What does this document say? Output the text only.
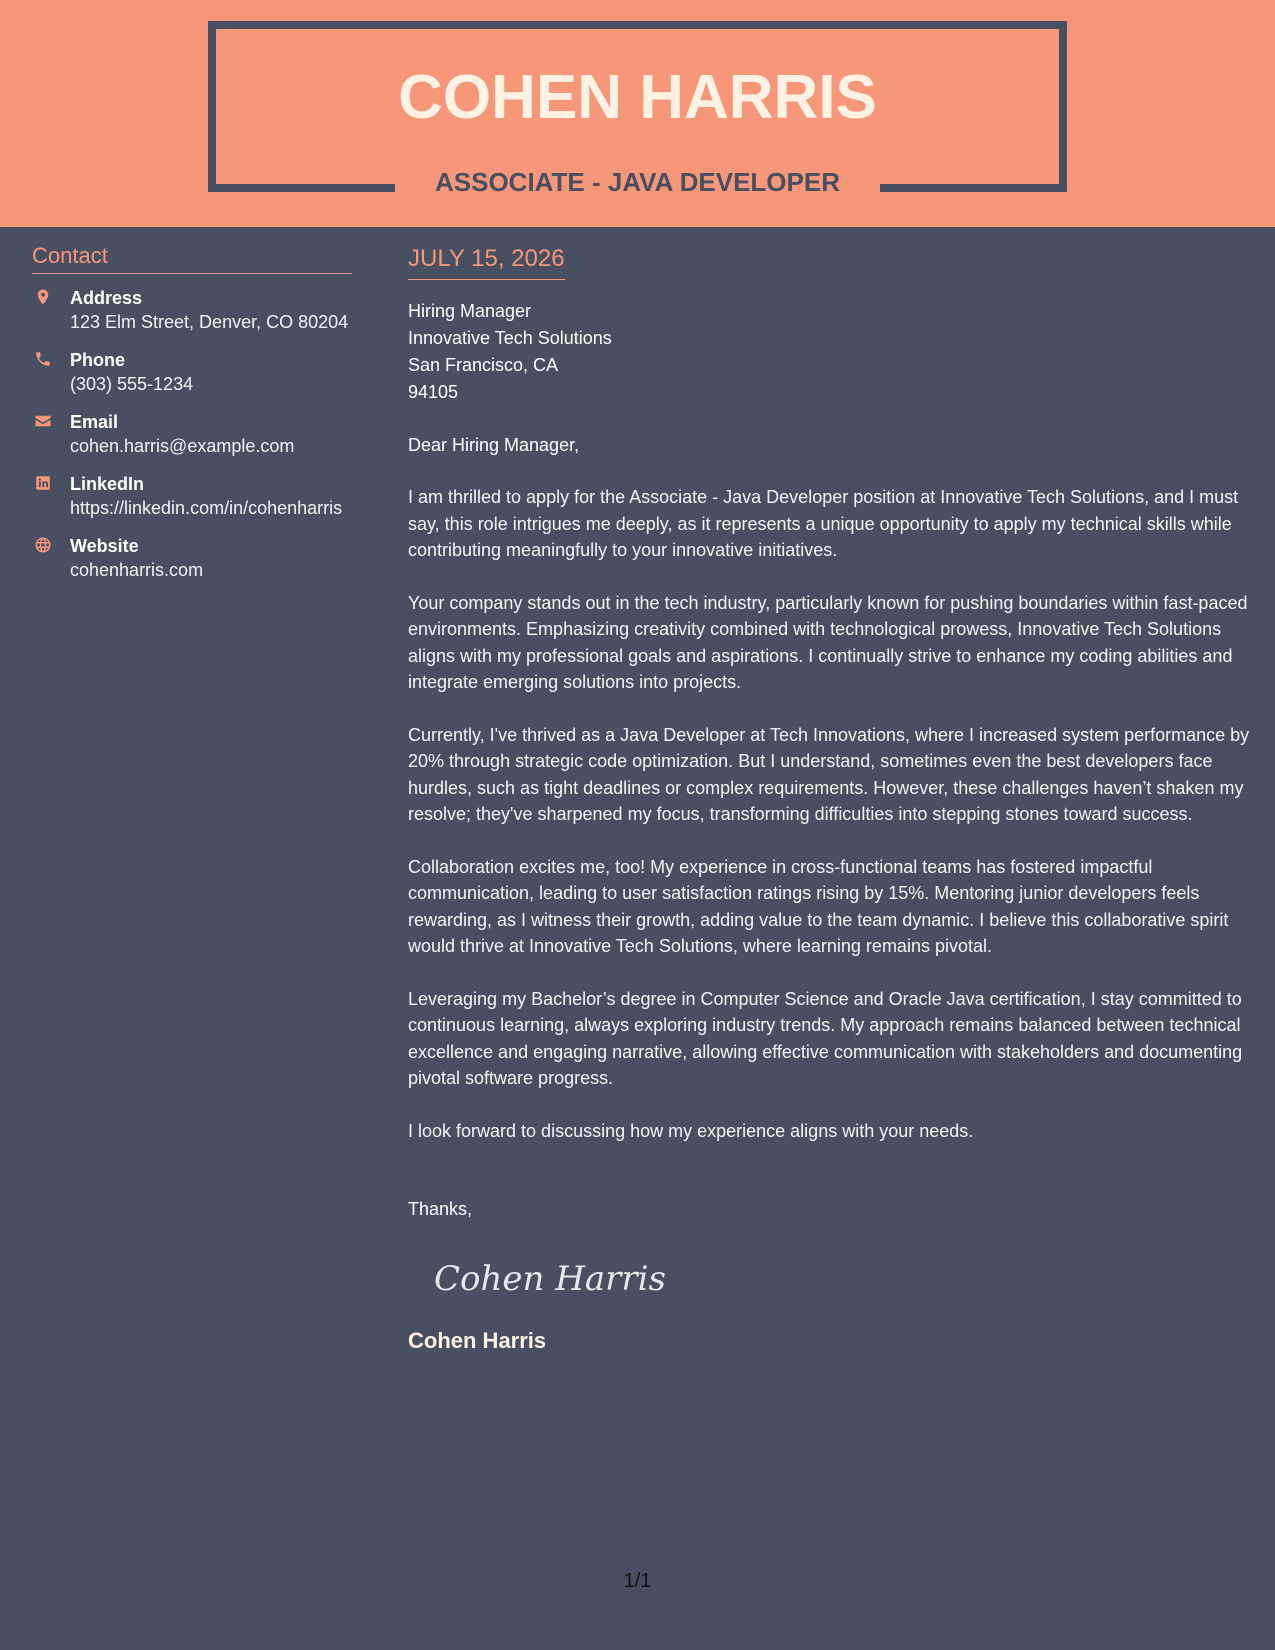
COHEN HARRIS
ASSOCIATE - JAVA DEVELOPER
Contact
Address
123 Elm Street, Denver, CO 80204
Phone
(303) 555-1234
Email
cohen.harris@example.com
LinkedIn
https://linkedin.com/in/cohenharris
Website
cohenharris.com
JULY 15, 2026
Hiring Manager
Innovative Tech Solutions
San Francisco, CA
94105
Dear Hiring Manager,

I am thrilled to apply for the Associate - Java Developer position at Innovative Tech Solutions, and I must say, this role intrigues me deeply, as it represents a unique opportunity to apply my technical skills while contributing meaningfully to your innovative initiatives.

Your company stands out in the tech industry, particularly known for pushing boundaries within fast-paced environments. Emphasizing creativity combined with technological prowess, Innovative Tech Solutions aligns with my professional goals and aspirations. I continually strive to enhance my coding abilities and integrate emerging solutions into projects.

Currently, I've thrived as a Java Developer at Tech Innovations, where I increased system performance by 20% through strategic code optimization. But I understand, sometimes even the best developers face hurdles, such as tight deadlines or complex requirements. However, these challenges haven’t shaken my resolve; they've sharpened my focus, transforming difficulties into stepping stones toward success.

Collaboration excites me, too! My experience in cross-functional teams has fostered impactful communication, leading to user satisfaction ratings rising by 15%. Mentoring junior developers feels rewarding, as I witness their growth, adding value to the team dynamic. I believe this collaborative spirit would thrive at Innovative Tech Solutions, where learning remains pivotal.

Leveraging my Bachelor’s degree in Computer Science and Oracle Java certification, I stay committed to continuous learning, always exploring industry trends. My approach remains balanced between technical excellence and engaging narrative, allowing effective communication with stakeholders and documenting pivotal software progress.

I look forward to discussing how my experience aligns with your needs.

Thanks,
Cohen Harris
Cohen Harris
1/1
